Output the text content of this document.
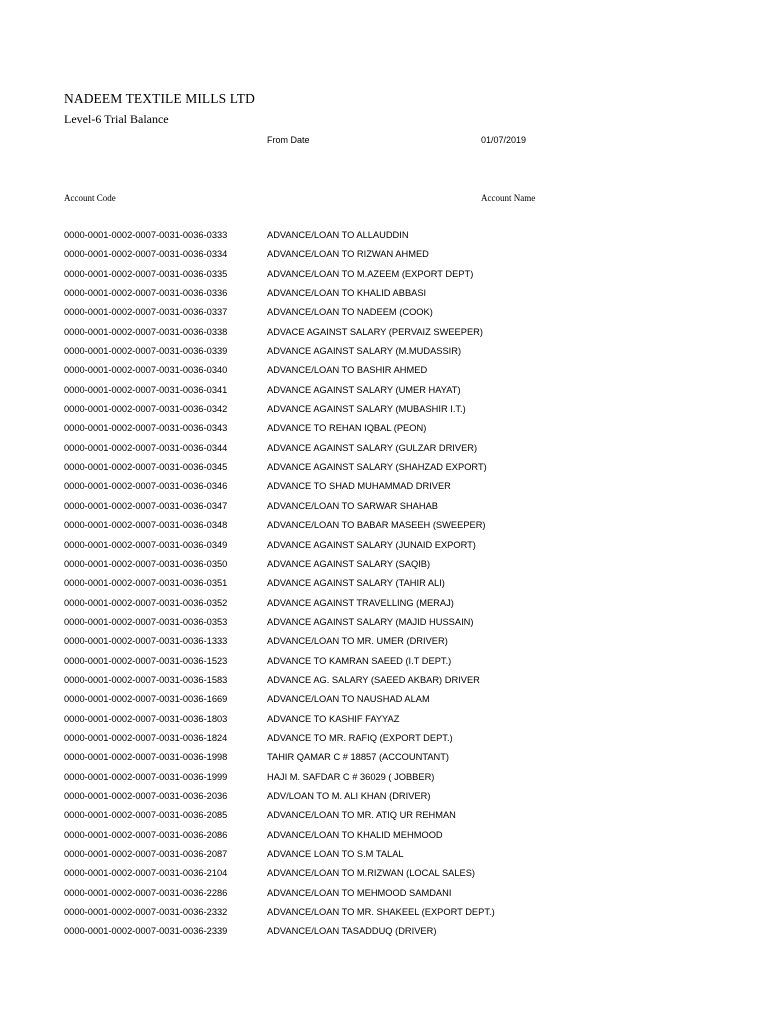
NADEEM TEXTILE MILLS LTD
Level-6 Trial Balance
From Date	01/07/2019
Account Code	Account Name
0000-0001-0002-0007-0031-0036-0333	ADVANCE/LOAN TO ALLAUDDIN
0000-0001-0002-0007-0031-0036-0334	ADVANCE/LOAN TO RIZWAN AHMED
0000-0001-0002-0007-0031-0036-0335	ADVANCE/LOAN TO M.AZEEM (EXPORT DEPT)
0000-0001-0002-0007-0031-0036-0336	ADVANCE/LOAN TO KHALID ABBASI
0000-0001-0002-0007-0031-0036-0337	ADVANCE/LOAN TO NADEEM (COOK)
0000-0001-0002-0007-0031-0036-0338	ADVACE AGAINST SALARY (PERVAIZ SWEEPER)
0000-0001-0002-0007-0031-0036-0339	ADVANCE AGAINST SALARY (M.MUDASSIR)
0000-0001-0002-0007-0031-0036-0340	ADVANCE/LOAN TO BASHIR AHMED
0000-0001-0002-0007-0031-0036-0341	ADVANCE AGAINST SALARY (UMER HAYAT)
0000-0001-0002-0007-0031-0036-0342	ADVANCE AGAINST SALARY (MUBASHIR I.T.)
0000-0001-0002-0007-0031-0036-0343	ADVANCE TO REHAN IQBAL (PEON)
0000-0001-0002-0007-0031-0036-0344	ADVANCE AGAINST SALARY (GULZAR DRIVER)
0000-0001-0002-0007-0031-0036-0345	ADVANCE AGAINST SALARY (SHAHZAD EXPORT)
0000-0001-0002-0007-0031-0036-0346	ADVANCE TO SHAD MUHAMMAD DRIVER
0000-0001-0002-0007-0031-0036-0347	ADVANCE/LOAN TO SARWAR SHAHAB
0000-0001-0002-0007-0031-0036-0348	ADVANCE/LOAN TO BABAR MASEEH (SWEEPER)
0000-0001-0002-0007-0031-0036-0349	ADVANCE AGAINST SALARY (JUNAID EXPORT)
0000-0001-0002-0007-0031-0036-0350	ADVANCE AGAINST SALARY (SAQIB)
0000-0001-0002-0007-0031-0036-0351	ADVANCE AGAINST SALARY (TAHIR ALI)
0000-0001-0002-0007-0031-0036-0352	ADVANCE AGAINST TRAVELLING (MERAJ)
0000-0001-0002-0007-0031-0036-0353	ADVANCE AGAINST SALARY (MAJID HUSSAIN)
0000-0001-0002-0007-0031-0036-1333	ADVANCE/LOAN TO MR. UMER (DRIVER)
0000-0001-0002-0007-0031-0036-1523	ADVANCE TO KAMRAN SAEED (I.T DEPT.)
0000-0001-0002-0007-0031-0036-1583	ADVANCE AG. SALARY (SAEED AKBAR) DRIVER
0000-0001-0002-0007-0031-0036-1669	ADVANCE/LOAN TO NAUSHAD ALAM
0000-0001-0002-0007-0031-0036-1803	ADVANCE TO KASHIF FAYYAZ
0000-0001-0002-0007-0031-0036-1824	ADVANCE TO MR. RAFIQ (EXPORT DEPT.)
0000-0001-0002-0007-0031-0036-1998	TAHIR QAMAR C # 18857 (ACCOUNTANT)
0000-0001-0002-0007-0031-0036-1999	HAJI M. SAFDAR C # 36029 ( JOBBER)
0000-0001-0002-0007-0031-0036-2036	ADV/LOAN TO M. ALI KHAN (DRIVER)
0000-0001-0002-0007-0031-0036-2085	ADVANCE/LOAN TO MR. ATIQ UR REHMAN
0000-0001-0002-0007-0031-0036-2086	ADVANCE/LOAN TO KHALID MEHMOOD
0000-0001-0002-0007-0031-0036-2087	ADVANCE LOAN TO S.M TALAL
0000-0001-0002-0007-0031-0036-2104	ADVANCE/LOAN TO M.RIZWAN (LOCAL SALES)
0000-0001-0002-0007-0031-0036-2286	ADVANCE/LOAN TO MEHMOOD SAMDANI
0000-0001-0002-0007-0031-0036-2332	ADVANCE/LOAN TO MR. SHAKEEL (EXPORT DEPT.)
0000-0001-0002-0007-0031-0036-2339	ADVANCE/LOAN TASADDUQ (DRIVER)
